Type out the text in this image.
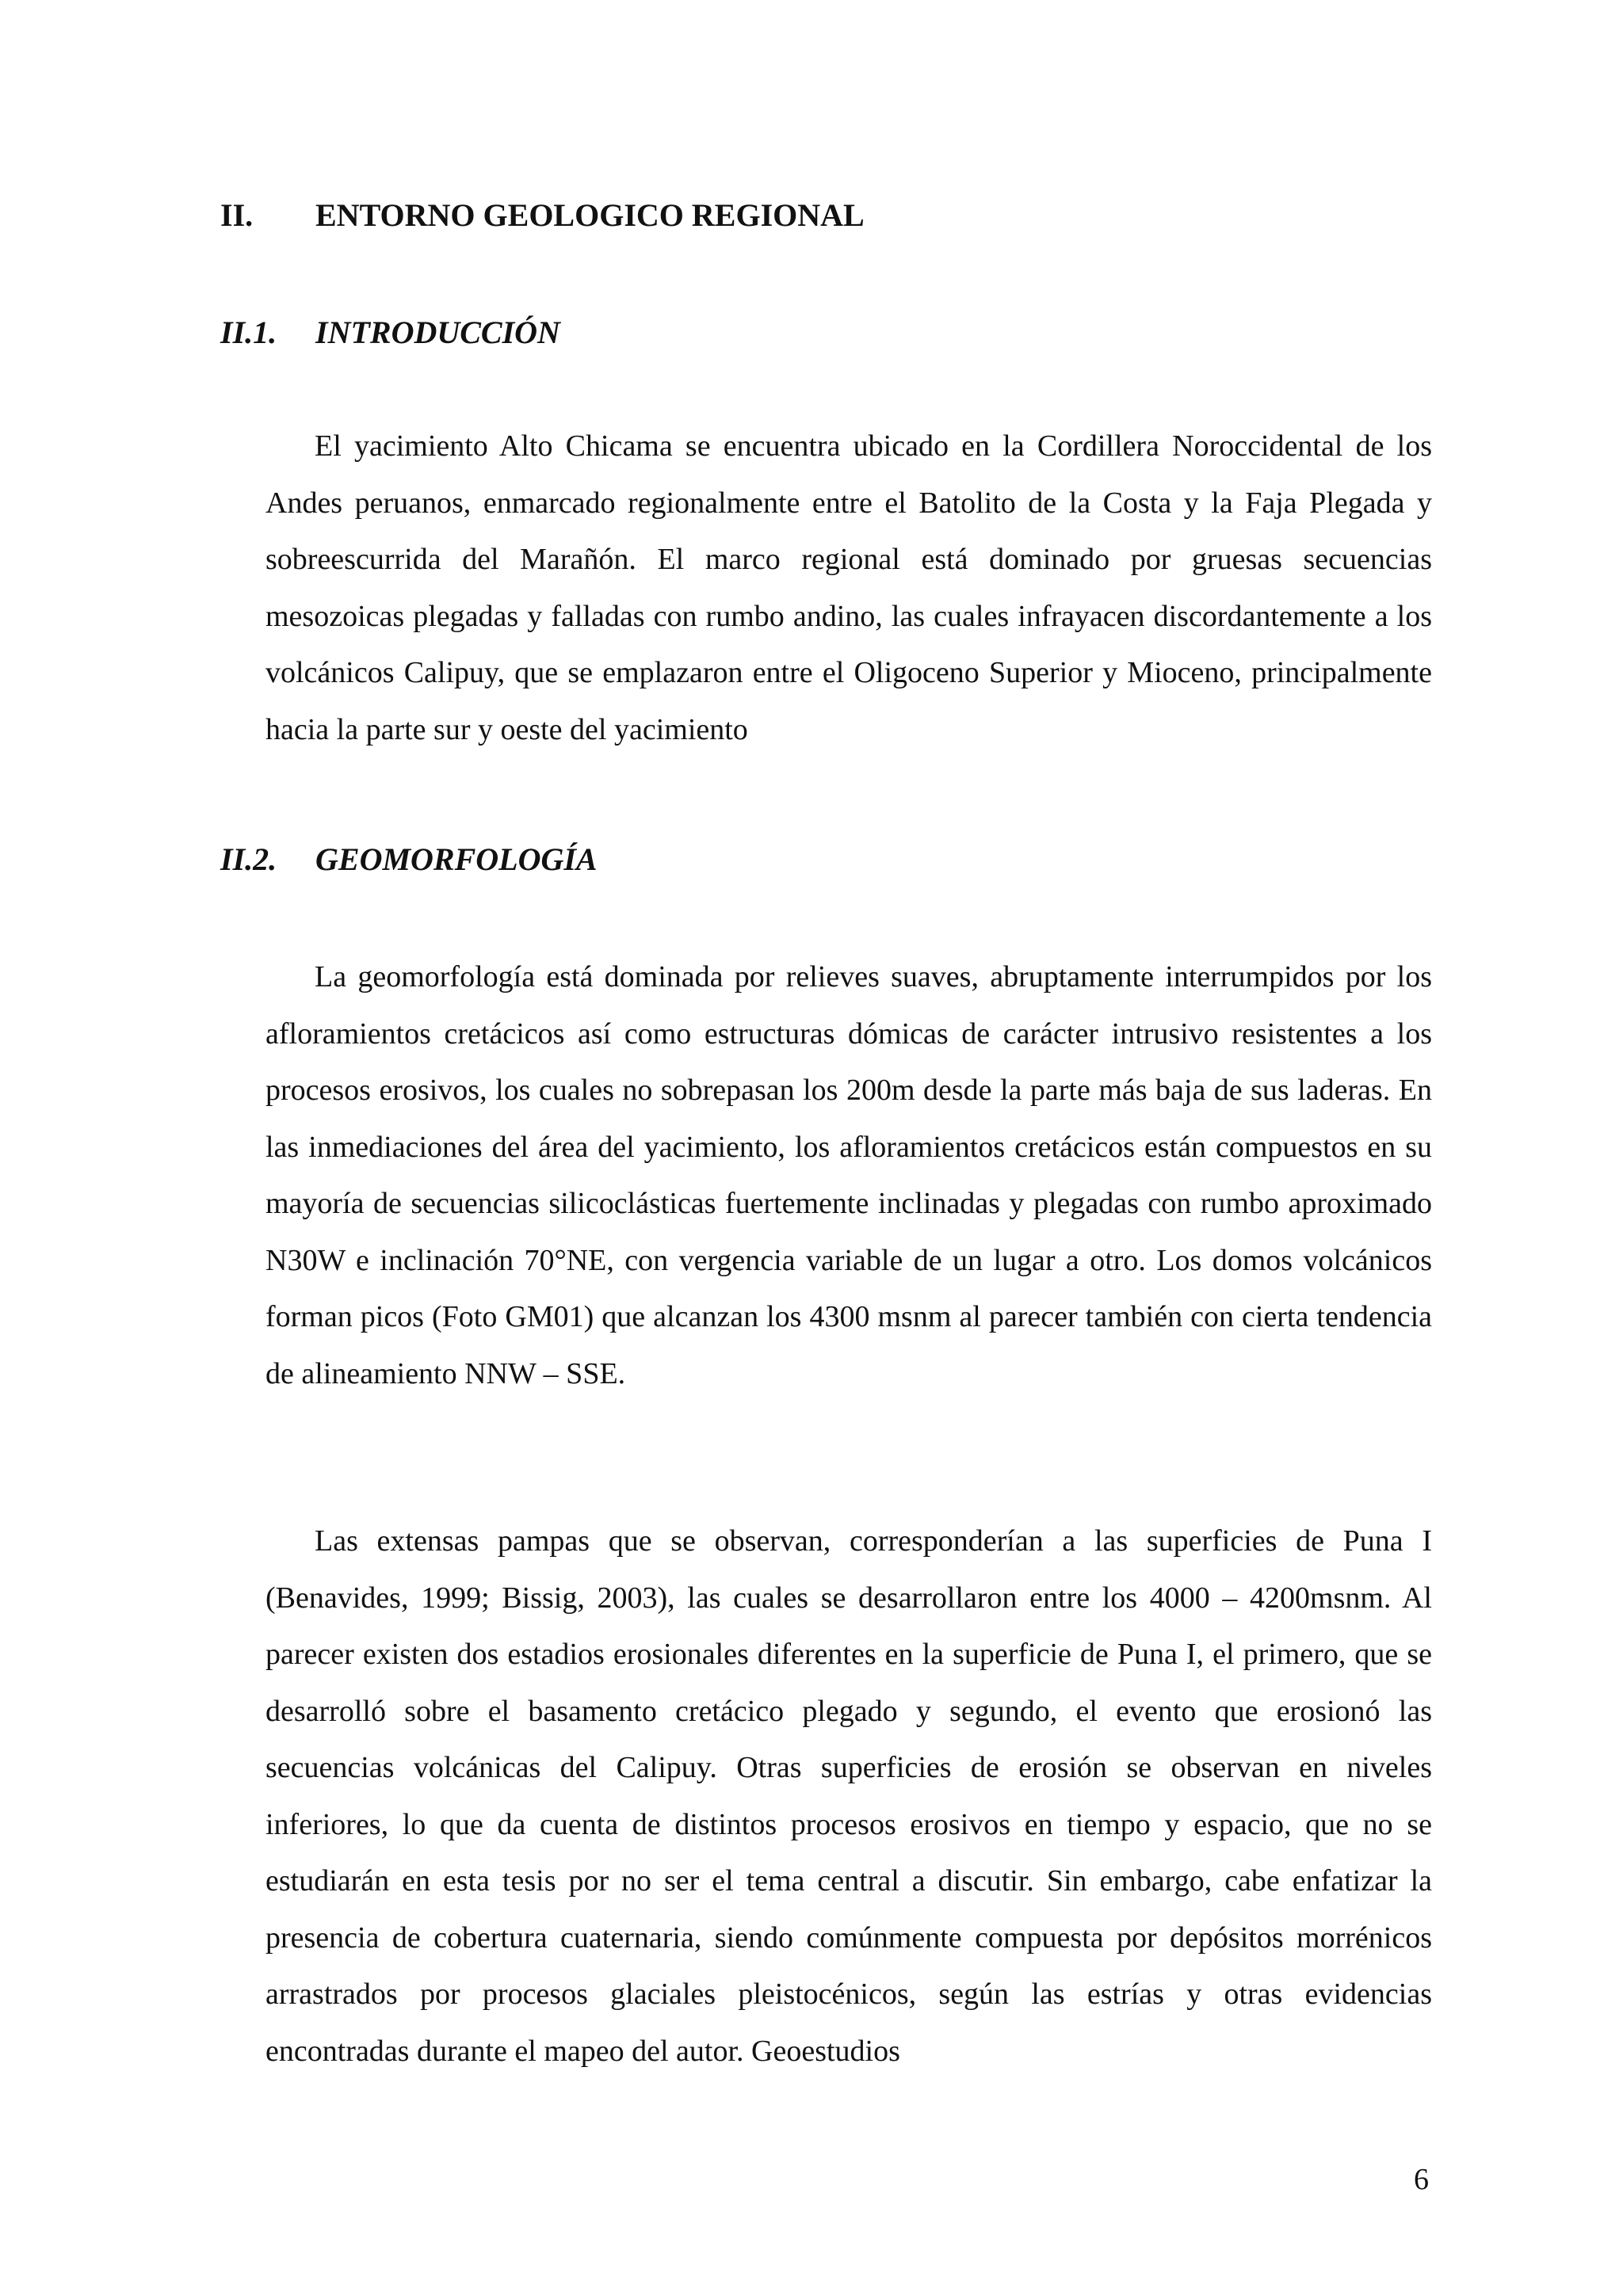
II. ENTORNO GEOLOGICO REGIONAL
II.1. INTRODUCCIÓN

El yacimiento Alto Chicama se encuentra ubicado en la Cordillera Noroccidental de los Andes peruanos, enmarcado regionalmente entre el Batolito de la Costa y la Faja Plegada y sobreescurrida del Marañón. El marco regional está dominado por gruesas secuencias mesozoicas plegadas y falladas con rumbo andino, las cuales infrayacen discordantemente a los volcánicos Calipuy, que se emplazaron entre el Oligoceno Superior y Mioceno, principalmente hacia la parte sur y oeste del yacimiento

II.2. GEOMORFOLOGÍA

La geomorfología está dominada por relieves suaves, abruptamente interrumpidos por los afloramientos cretácicos así como estructuras dómicas de carácter intrusivo resistentes a los procesos erosivos, los cuales no sobrepasan los 200m desde la parte más baja de sus laderas. En las inmediaciones del área del yacimiento, los afloramientos cretácicos están compuestos en su mayoría de secuencias silicoclásticas fuertemente inclinadas y plegadas con rumbo aproximado N30W e inclinación 70°NE, con vergencia variable de un lugar a otro. Los domos volcánicos forman picos (Foto GM01) que alcanzan los 4300 msnm al parecer también con cierta tendencia de alineamiento NNW – SSE.

Las extensas pampas que se observan, corresponderían a las superficies de Puna I (Benavides, 1999; Bissig, 2003), las cuales se desarrollaron entre los 4000 – 4200msnm. Al parecer existen dos estadios erosionales diferentes en la superficie de Puna I, el primero, que se desarrolló sobre el basamento cretácico plegado y segundo, el evento que erosionó las secuencias volcánicas del Calipuy. Otras superficies de erosión se observan en niveles inferiores, lo que da cuenta de distintos procesos erosivos en tiempo y espacio, que no se estudiarán en esta tesis por no ser el tema central a discutir. Sin embargo, cabe enfatizar la presencia de cobertura cuaternaria, siendo comúnmente compuesta por depósitos morrénicos arrastrados por procesos glaciales pleistocénicos, según las estrías y otras evidencias encontradas durante el mapeo del autor. Geoestudios

6
